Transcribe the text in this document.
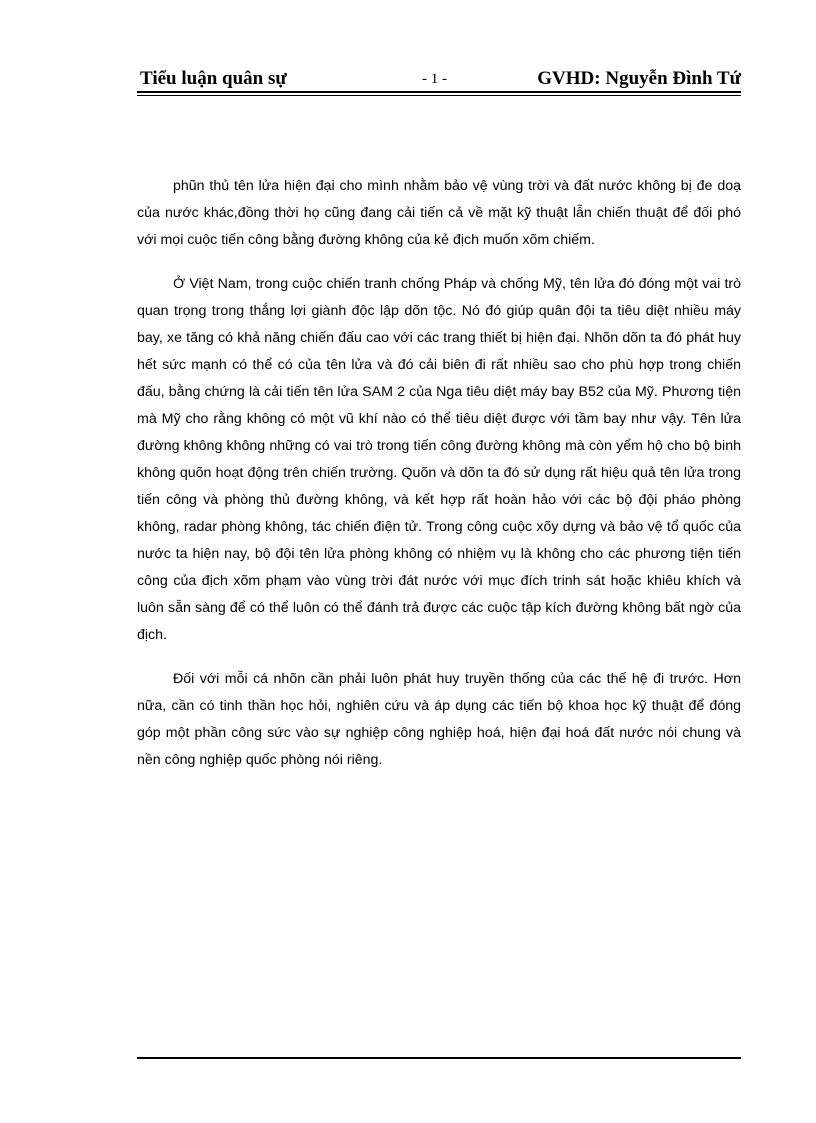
Tiểu luận quân sự	- 1 -	GVHD: Nguyễn Đình Tứ

phũn thủ tên lửa hiện đại cho mình nhằm bảo vệ vùng trời và đất nước không bị đe doạ của nước khác,đồng thời họ cũng đang cải tiến cả về mặt kỹ thuật lẫn chiến thuật để đối phó với mọi cuộc tiến công bằng đường không của kẻ địch muốn xõm chiếm.

Ở Việt Nam, trong cuộc chiến tranh chống Pháp và chống Mỹ, tên lửa đó đóng một vai trò quan trọng trong thắng lợi giành độc lập dõn tộc. Nó đó giúp quân đội ta tiêu diệt nhiều máy bay, xe tăng có khả năng chiến đấu cao với các trang thiết bị hiện đại. Nhõn dõn ta đó phát huy hết sức mạnh có thể có của tên lửa và đó cải biên đi rất nhiều sao cho phù hợp trong chiến đấu, bằng chứng là cải tiến tên lửa SAM 2 của Nga tiêu diệt máy bay B52 của Mỹ. Phương tiện mà Mỹ cho rằng không có một vũ khí nào có thể tiêu diệt được với tầm bay như vậy. Tên lửa đường không không những có vai trò trong tiến công đường không mà còn yểm hộ cho bộ binh không quõn hoạt động trên chiến trường. Quõn và dõn ta đó sử dụng rất hiệu quả tên lửa trong tiến công và phòng thủ đường không, và kết hợp rất hoàn hảo với các bộ đội pháo phòng không, radar phòng không, tác chiến điện tử. Trong công cuộc xõy dựng và bảo vệ tổ quốc của nước ta hiện nay, bộ đội tên lửa phòng không có nhiệm vụ là không cho các phương tiện tiến công của địch xõm phạm vào vùng trời đát nước với mục đích trinh sát hoặc khiêu khích và luôn sẵn sàng để có thể luôn có thể đánh trả được các cuộc tập kích đường không bất ngờ của địch.

Đối với mỗi cá nhõn cần phải luôn phát huy truyền thống của các thế hệ đi trước. Hơn nữa, cần có tinh thần học hỏi, nghiên cứu và áp dụng các tiến bộ khoa học kỹ thuật để đóng góp một phần công sức vào sự nghiệp công nghiệp hoá, hiện đại hoá đất nước nói chung và nền công nghiệp quốc phòng nói riêng.
